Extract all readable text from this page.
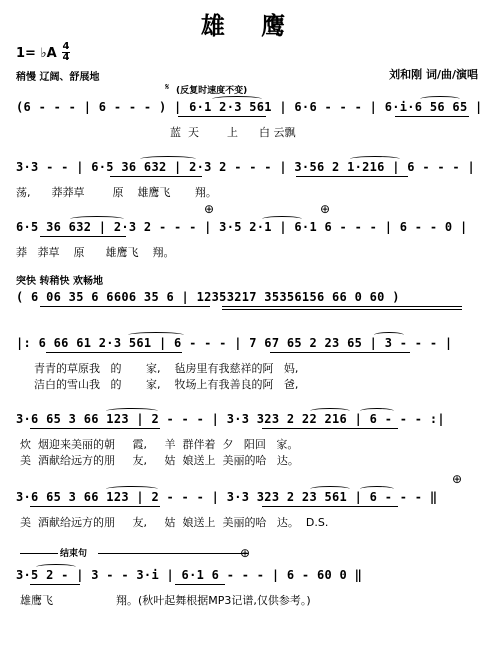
雄 鹰
1= ♭A 4
4
稍慢 辽阔、舒展地	刘和刚 词/曲/演唱
𝄋 (反复时速度不变)
(6 - - - | 6 - - - ) | 6·1 2·3 561 | 6·6 - - - | 6·i·6 56 65 |
蓝  天        上      白 云飘
3·3 - - | 6·5 36 632 | 2·3 2 - - - | 3·56 2 1·216 | 6 - - - |
荡,      莽莽草        原    雄鹰飞       翔。
⊕	⊕
6·5 36 632 | 2·3 2 - - - | 3·5 2·1 | 6·1 6 - - - | 6 - - 0 |
莽   莽草    原      雄鹰飞    翔。
突快 转稍快 欢畅地
( 6 06 35 6 6606 35 6 | 12353217 35356156 66 0 60 )
|: 6 66 61 2·3 561 | 6 - - - | 7 67 65 2 23 65 | 3 - - - |
青青的草原我   的       家,    毡房里有我慈祥的阿   妈,
洁白的雪山我   的       家,    牧场上有我善良的阿   爸,
3·6 65 3 66 123 | 2 - - - | 3·3 323 2 22 216 | 6 - - - :|
炊  烟迎来美丽的朝     霞,     羊  群伴着  夕   阳回   家。
美  酒献给远方的朋     友,     姑  娘送上  美丽的哈   达。
⊕
3·6 65 3 66 123 | 2 - - - | 3·3 323 2 23 561 | 6 - - - ‖
美  酒献给远方的朋     友,     姑  娘送上  美丽的哈   达。  D.S.
结束句	⊕
3·5 2 - | 3 - - 3·i | 6·1 6 - - - | 6 - 60 0 ‖
雄鹰飞                  翔。(秋叶起舞根据MP3记谱,仅供参考。)
